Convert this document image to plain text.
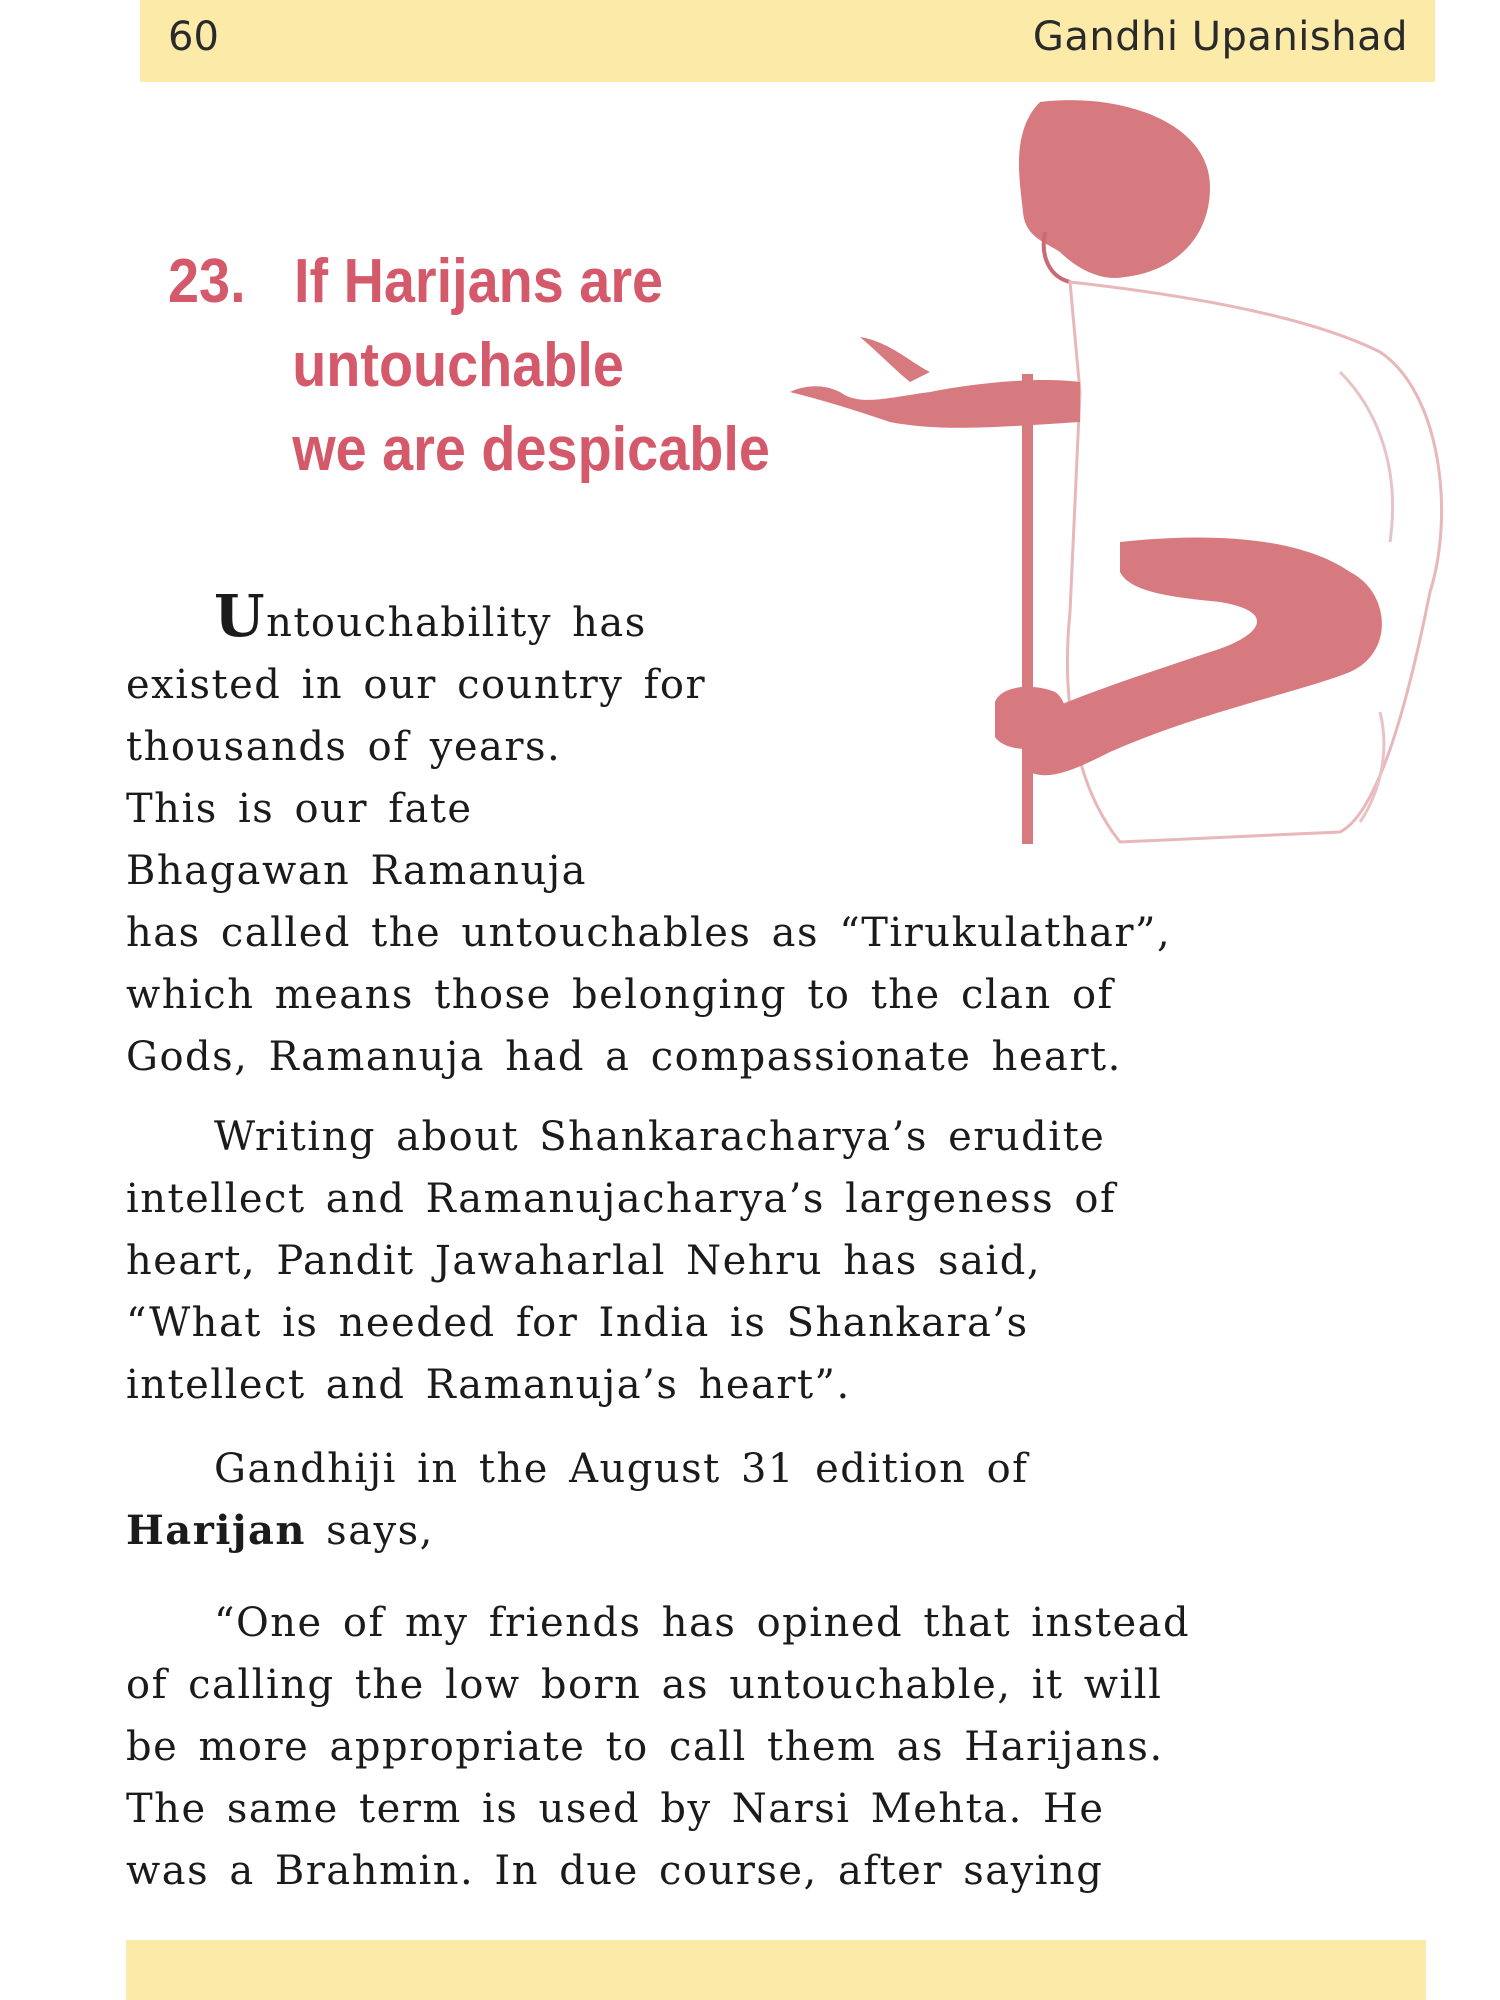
60	Gandhi Upanishad
23. If Harijans are
untouchable
we are despicable
Untouchability has
existed in our country for
thousands of years.
This is our fate
Bhagawan Ramanuja
has called the untouchables as “Tirukulathar”,
which means those belonging to the clan of
Gods, Ramanuja had a compassionate heart.
Writing about Shankaracharya’s erudite
intellect and Ramanujacharya’s largeness of
heart, Pandit Jawaharlal Nehru has said,
“What is needed for India is Shankara’s
intellect and Ramanuja’s heart”.
Gandhiji in the August 31 edition of
Harijan says,
“One of my friends has opined that instead
of calling the low born as untouchable, it will
be more appropriate to call them as Harijans.
The same term is used by Narsi Mehta. He
was a Brahmin. In due course, after saying
